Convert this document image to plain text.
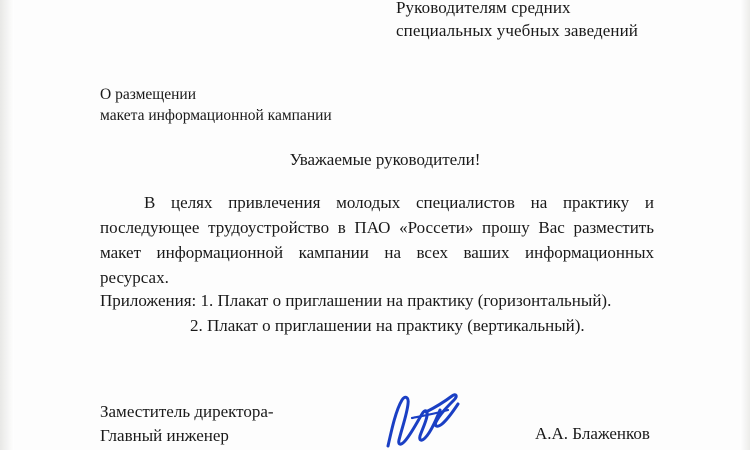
Руководителям средних
специальных учебных заведений
О размещении
макета информационной кампании
Уважаемые руководители!
В целях привлечения молодых специалистов на практику и последующее трудоустройство в ПАО «Россети» прошу Вас разместить макет информационной кампании на всех ваших информационных ресурсах.
Приложения: 1. Плакат о приглашении на практику (горизонтальный).
2. Плакат о приглашении на практику (вертикальный).
Заместитель директора-
Главный инженер	А.А. Блаженков
